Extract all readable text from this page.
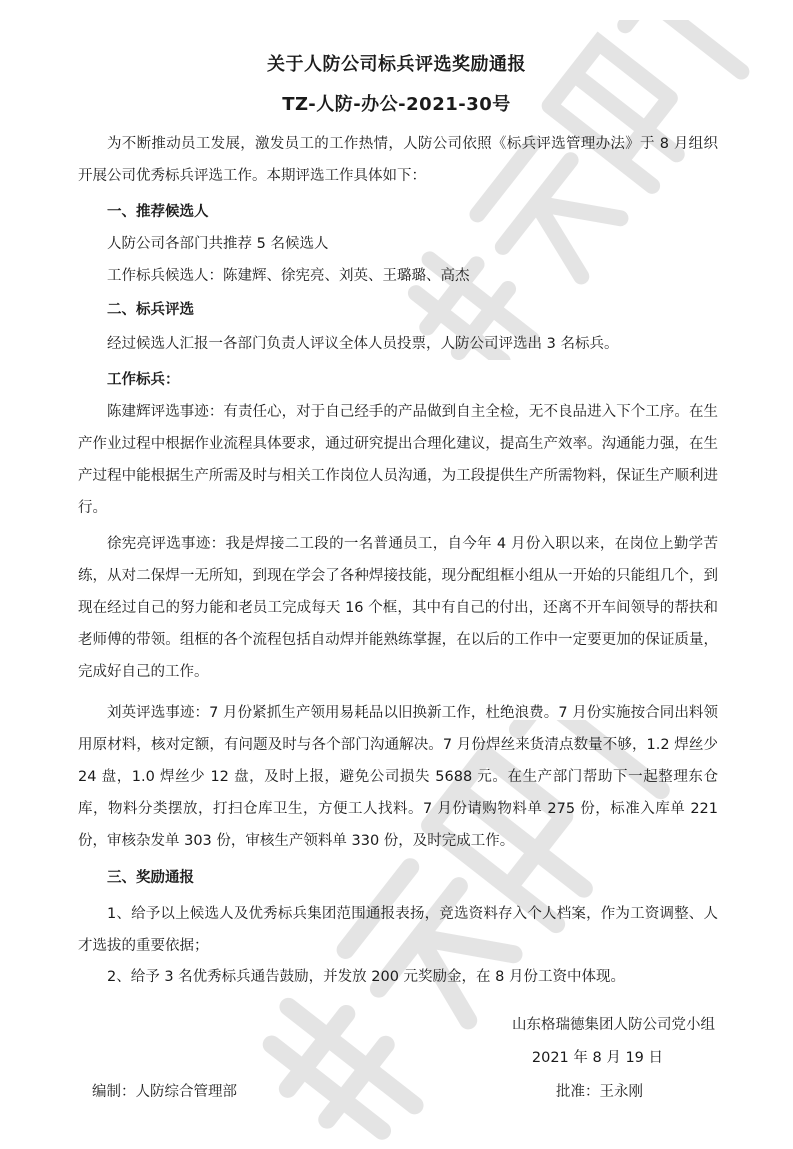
关于人防公司标兵评选奖励通报
TZ-人防-办公-2021-30号
为不断推动员工发展，激发员工的工作热情，人防公司依照《标兵评选管理办法》于 8 月组织开展公司优秀标兵评选工作。本期评选工作具体如下：
一、推荐候选人
人防公司各部门共推荐 5 名候选人
工作标兵候选人：陈建辉、徐宪亮、刘英、王璐璐、高杰
二、标兵评选
经过候选人汇报一各部门负责人评议全体人员投票，人防公司评选出 3 名标兵。
工作标兵：
陈建辉评选事迹：有责任心，对于自己经手的产品做到自主全检，无不良品进入下个工序。在生产作业过程中根据作业流程具体要求，通过研究提出合理化建议，提高生产效率。沟通能力强，在生产过程中能根据生产所需及时与相关工作岗位人员沟通，为工段提供生产所需物料，保证生产顺利进行。
徐宪亮评选事迹：我是焊接二工段的一名普通员工，自今年 4 月份入职以来，在岗位上勤学苦练，从对二保焊一无所知，到现在学会了各种焊接技能，现分配组框小组从一开始的只能组几个，到现在经过自己的努力能和老员工完成每天 16 个框，其中有自己的付出，还离不开车间领导的帮扶和老师傅的带领。组框的各个流程包括自动焊并能熟练掌握，在以后的工作中一定要更加的保证质量，完成好自己的工作。
刘英评选事迹：7 月份紧抓生产领用易耗品以旧换新工作，杜绝浪费。7 月份实施按合同出料领用原材料，核对定额，有问题及时与各个部门沟通解决。7 月份焊丝来货清点数量不够，1.2 焊丝少 24 盘，1.0 焊丝少 12 盘，及时上报，避免公司损失 5688 元。在生产部门帮助下一起整理东仓库，物料分类摆放，打扫仓库卫生，方便工人找料。7 月份请购物料单 275 份，标准入库单 221 份，审核杂发单 303 份，审核生产领料单 330 份，及时完成工作。
三、奖励通报
1、给予以上候选人及优秀标兵集团范围通报表扬，竞选资料存入个人档案，作为工资调整、人才选拔的重要依据；
2、给予 3 名优秀标兵通告鼓励，并发放 200 元奖励金，在 8 月份工资中体现。
山东格瑞德集团人防公司党小组
2021 年 8 月 19 日
编制：人防综合管理部	批准：王永刚
